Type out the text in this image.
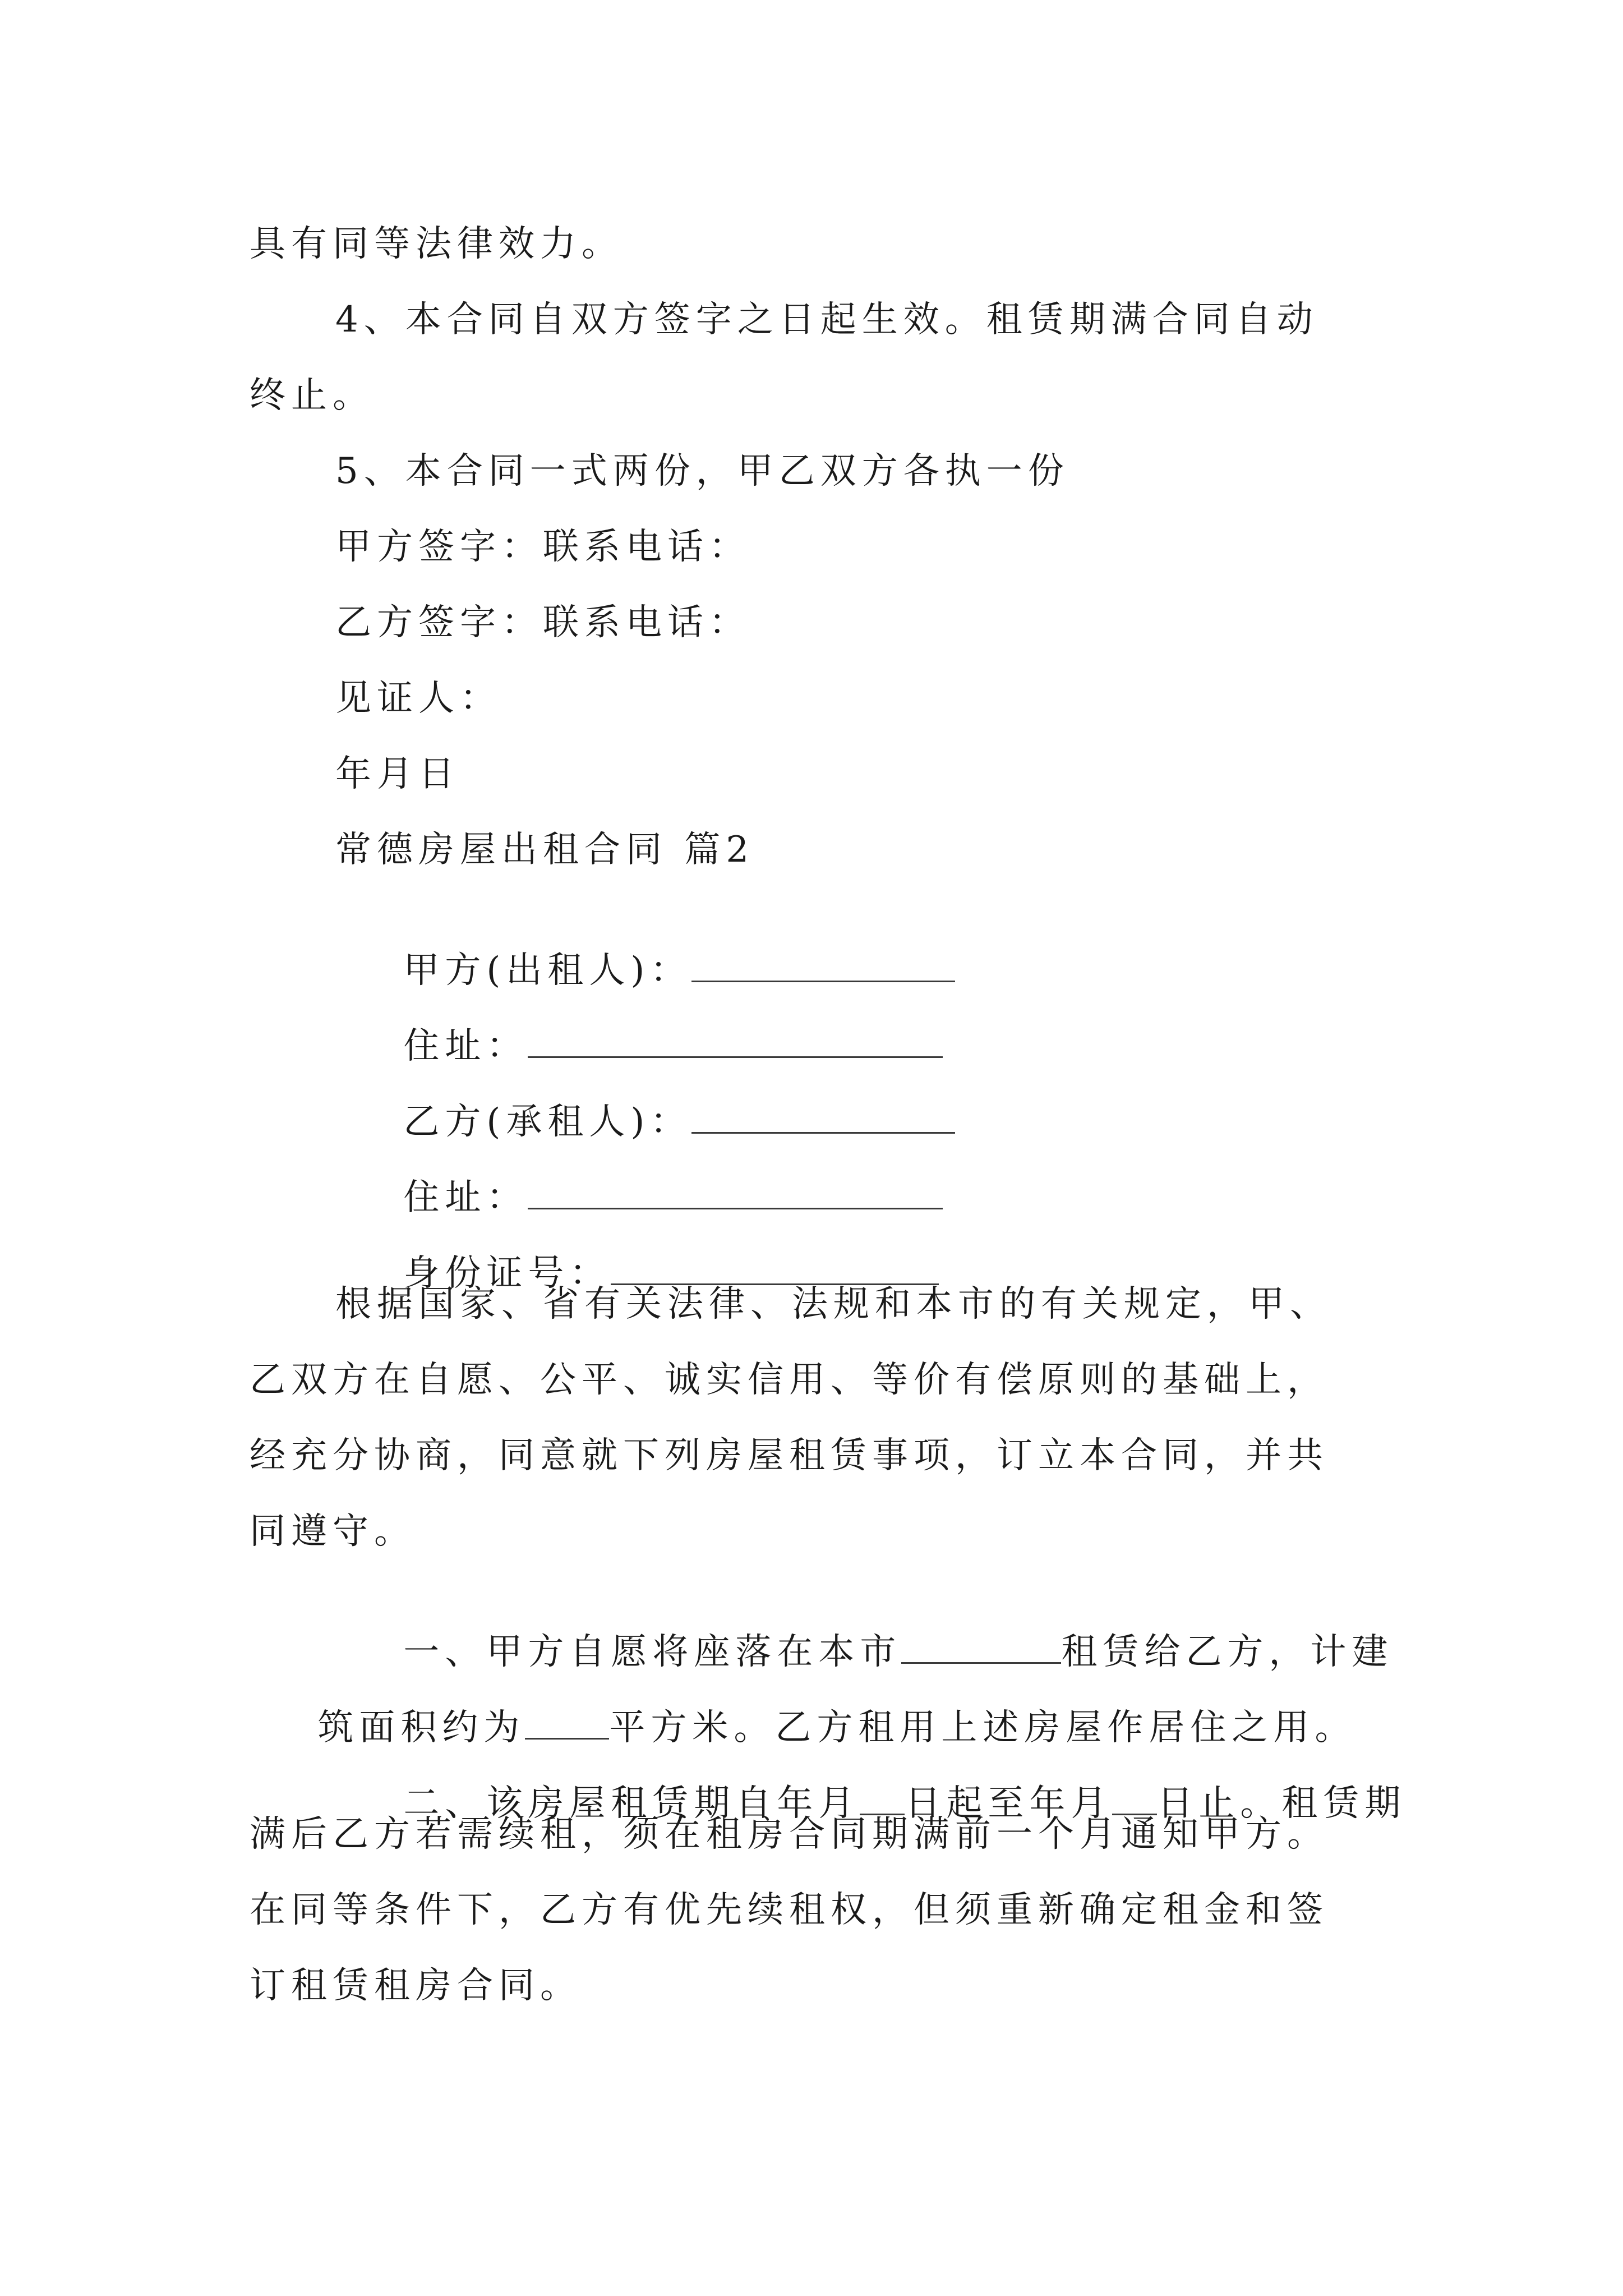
具有同等法律效力。
4、本合同自双方签字之日起生效。租赁期满合同自动
终止。
5、本合同一式两份，甲乙双方各执一份
甲方签字：联系电话：
乙方签字：联系电话：
见证人：
年月日
常德房屋出租合同 篇2

甲方(出租人)：

住址：

乙方(承租人)：

住址：

身份证号：

根据国家、省有关法律、法规和本市的有关规定，甲、
乙双方在自愿、公平、诚实信用、等价有偿原则的基础上，
经充分协商，同意就下列房屋租赁事项，订立本合同，并共
同遵守。

一、甲方自愿将座落在本市	租赁给乙方，计建

筑面积约为 平方米。乙方租用上述房屋作居住之用。

二、该房屋租赁期自年月 日起至年月 日止。租赁期

满后乙方若需续租，须在租房合同期满前一个月通知甲方。
在同等条件下，乙方有优先续租权，但须重新确定租金和签
订租赁租房合同。
